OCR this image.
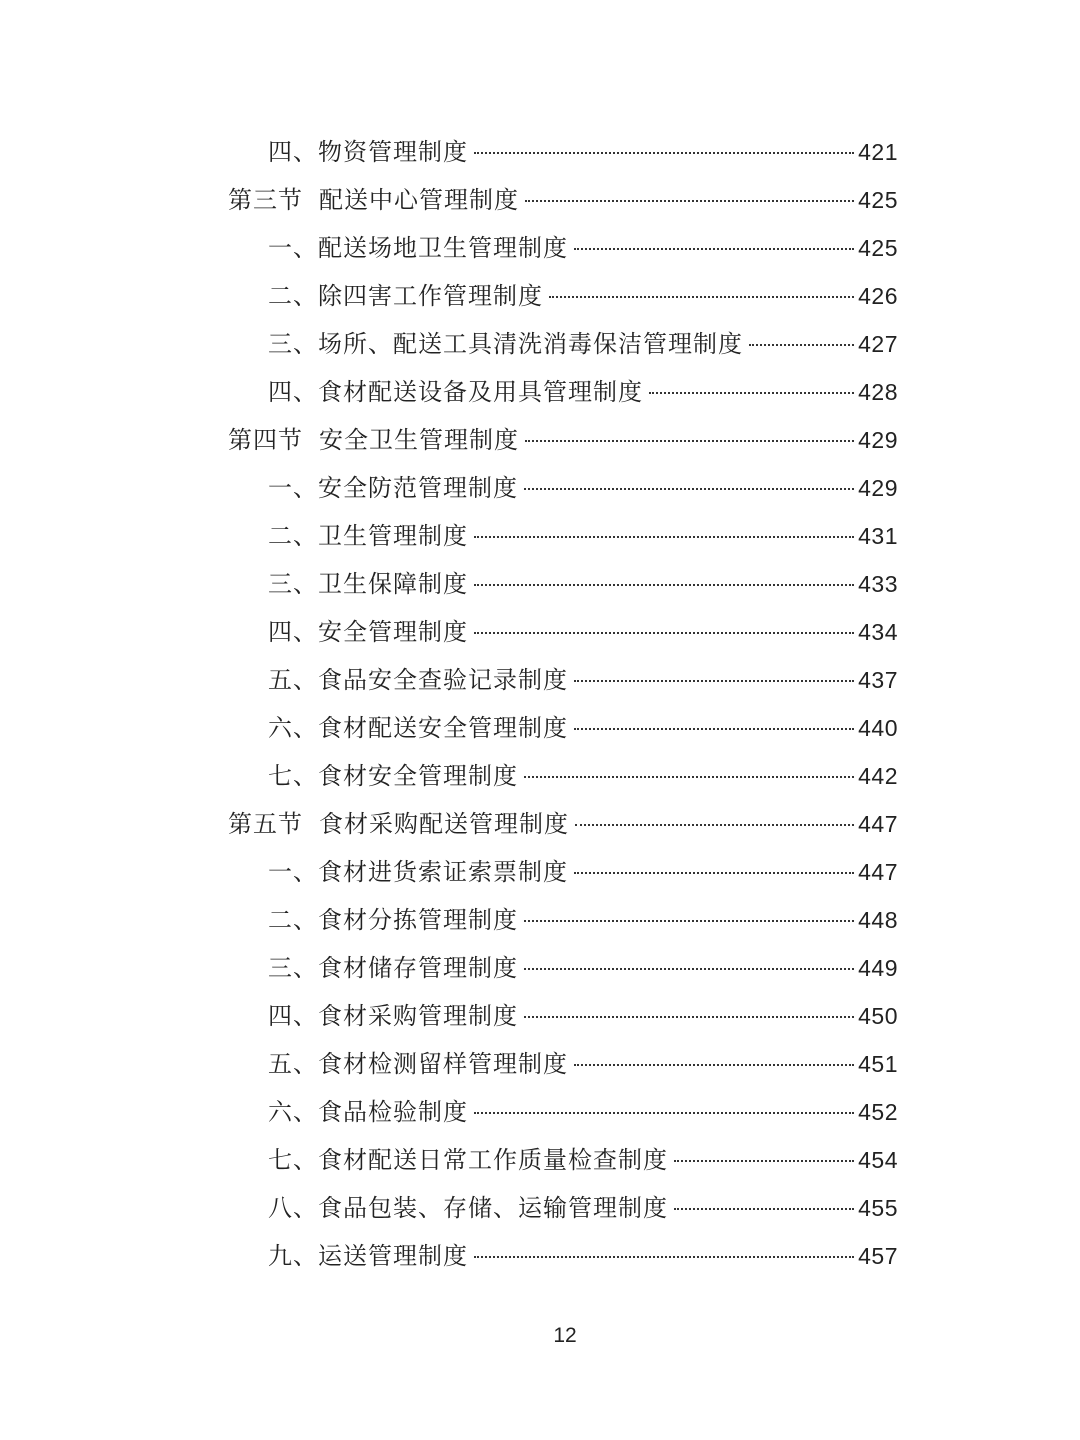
四、物资管理制度	421
第三节 配送中心管理制度	425
一、配送场地卫生管理制度	425
二、除四害工作管理制度	426
三、场所、配送工具清洗消毒保洁管理制度	427
四、食材配送设备及用具管理制度	428
第四节 安全卫生管理制度	429
一、安全防范管理制度	429
二、卫生管理制度	431
三、卫生保障制度	433
四、安全管理制度	434
五、食品安全查验记录制度	437
六、食材配送安全管理制度	440
七、食材安全管理制度	442
第五节 食材采购配送管理制度	447
一、食材进货索证索票制度	447
二、食材分拣管理制度	448
三、食材储存管理制度	449
四、食材采购管理制度	450
五、食材检测留样管理制度	451
六、食品检验制度	452
七、食材配送日常工作质量检查制度	454
八、食品包装、存储、运输管理制度	455
九、运送管理制度	457
12
